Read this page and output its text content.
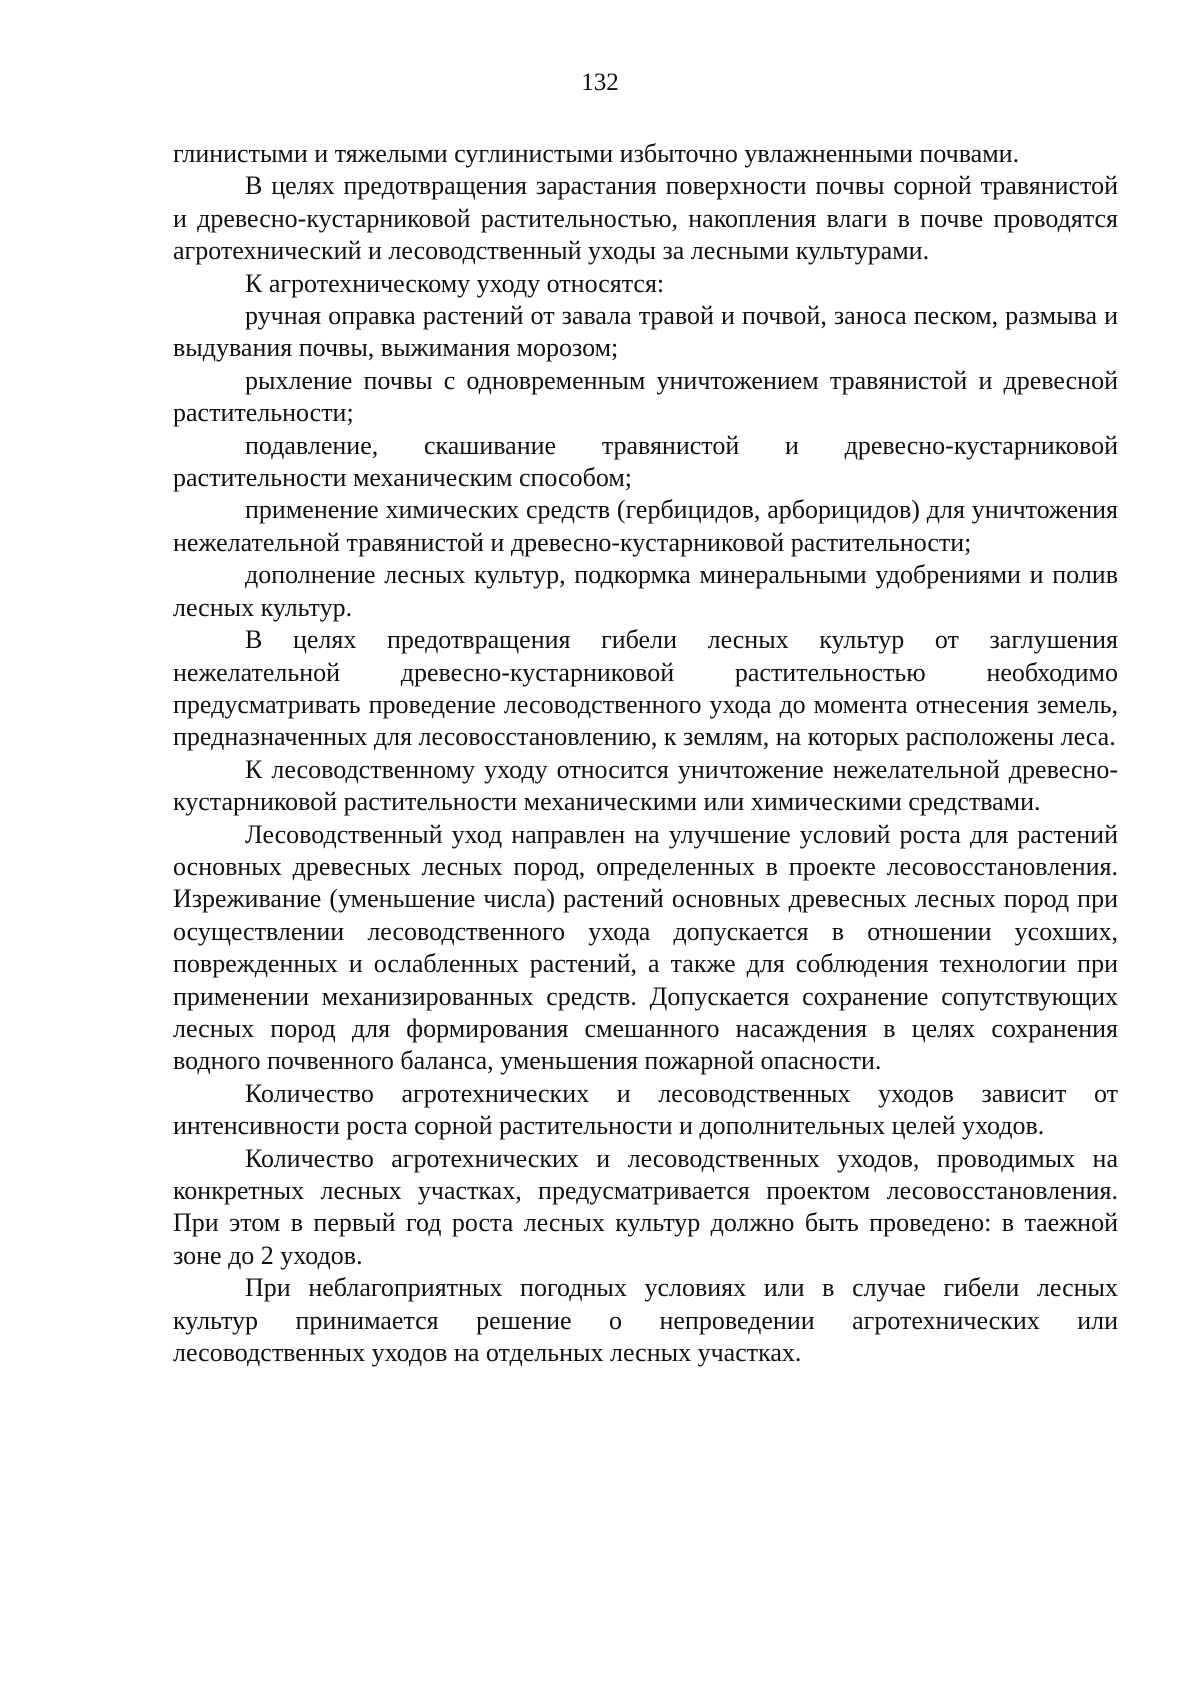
132

глинистыми и тяжелыми суглинистыми избыточно увлажненными почвами.

В целях предотвращения зарастания поверхности почвы сорной травянистой и древесно-кустарниковой растительностью, накопления влаги в почве проводятся агротехнический и лесоводственный уходы за лесными культурами.

К агротехническому уходу относятся:

ручная оправка растений от завала травой и почвой, заноса песком, размыва и выдувания почвы, выжимания морозом;

рыхление почвы с одновременным уничтожением травянистой и древесной растительности;

подавление, скашивание травянистой и древесно-кустарниковой растительности механическим способом;

применение химических средств (гербицидов, арборицидов) для уничтожения нежелательной травянистой и древесно-кустарниковой растительности;

дополнение лесных культур, подкормка минеральными удобрениями и полив лесных культур.

В целях предотвращения гибели лесных культур от заглушения нежелательной древесно-кустарниковой растительностью необходимо предусматривать проведение лесоводственного ухода до момента отнесения земель, предназначенных для лесовосстановлению, к землям, на которых расположены леса.

К лесоводственному уходу относится уничтожение нежелательной древесно-кустарниковой растительности механическими или химическими средствами.

Лесоводственный уход направлен на улучшение условий роста для растений основных древесных лесных пород, определенных в проекте лесовосстановления. Изреживание (уменьшение числа) растений основных древесных лесных пород при осуществлении лесоводственного ухода допускается в отношении усохших, поврежденных и ослабленных растений, а также для соблюдения технологии при применении механизированных средств. Допускается сохранение сопутствующих лесных пород для формирования смешанного насаждения в целях сохранения водного почвенного баланса, уменьшения пожарной опасности.

Количество агротехнических и лесоводственных уходов зависит от интенсивности роста сорной растительности и дополнительных целей уходов.

Количество агротехнических и лесоводственных уходов, проводимых на конкретных лесных участках, предусматривается проектом лесовосстановления. При этом в первый год роста лесных культур должно быть проведено: в таежной зоне до 2 уходов.

При неблагоприятных погодных условиях или в случае гибели лесных культур принимается решение о непроведении агротехнических или лесоводственных уходов на отдельных лесных участках.
